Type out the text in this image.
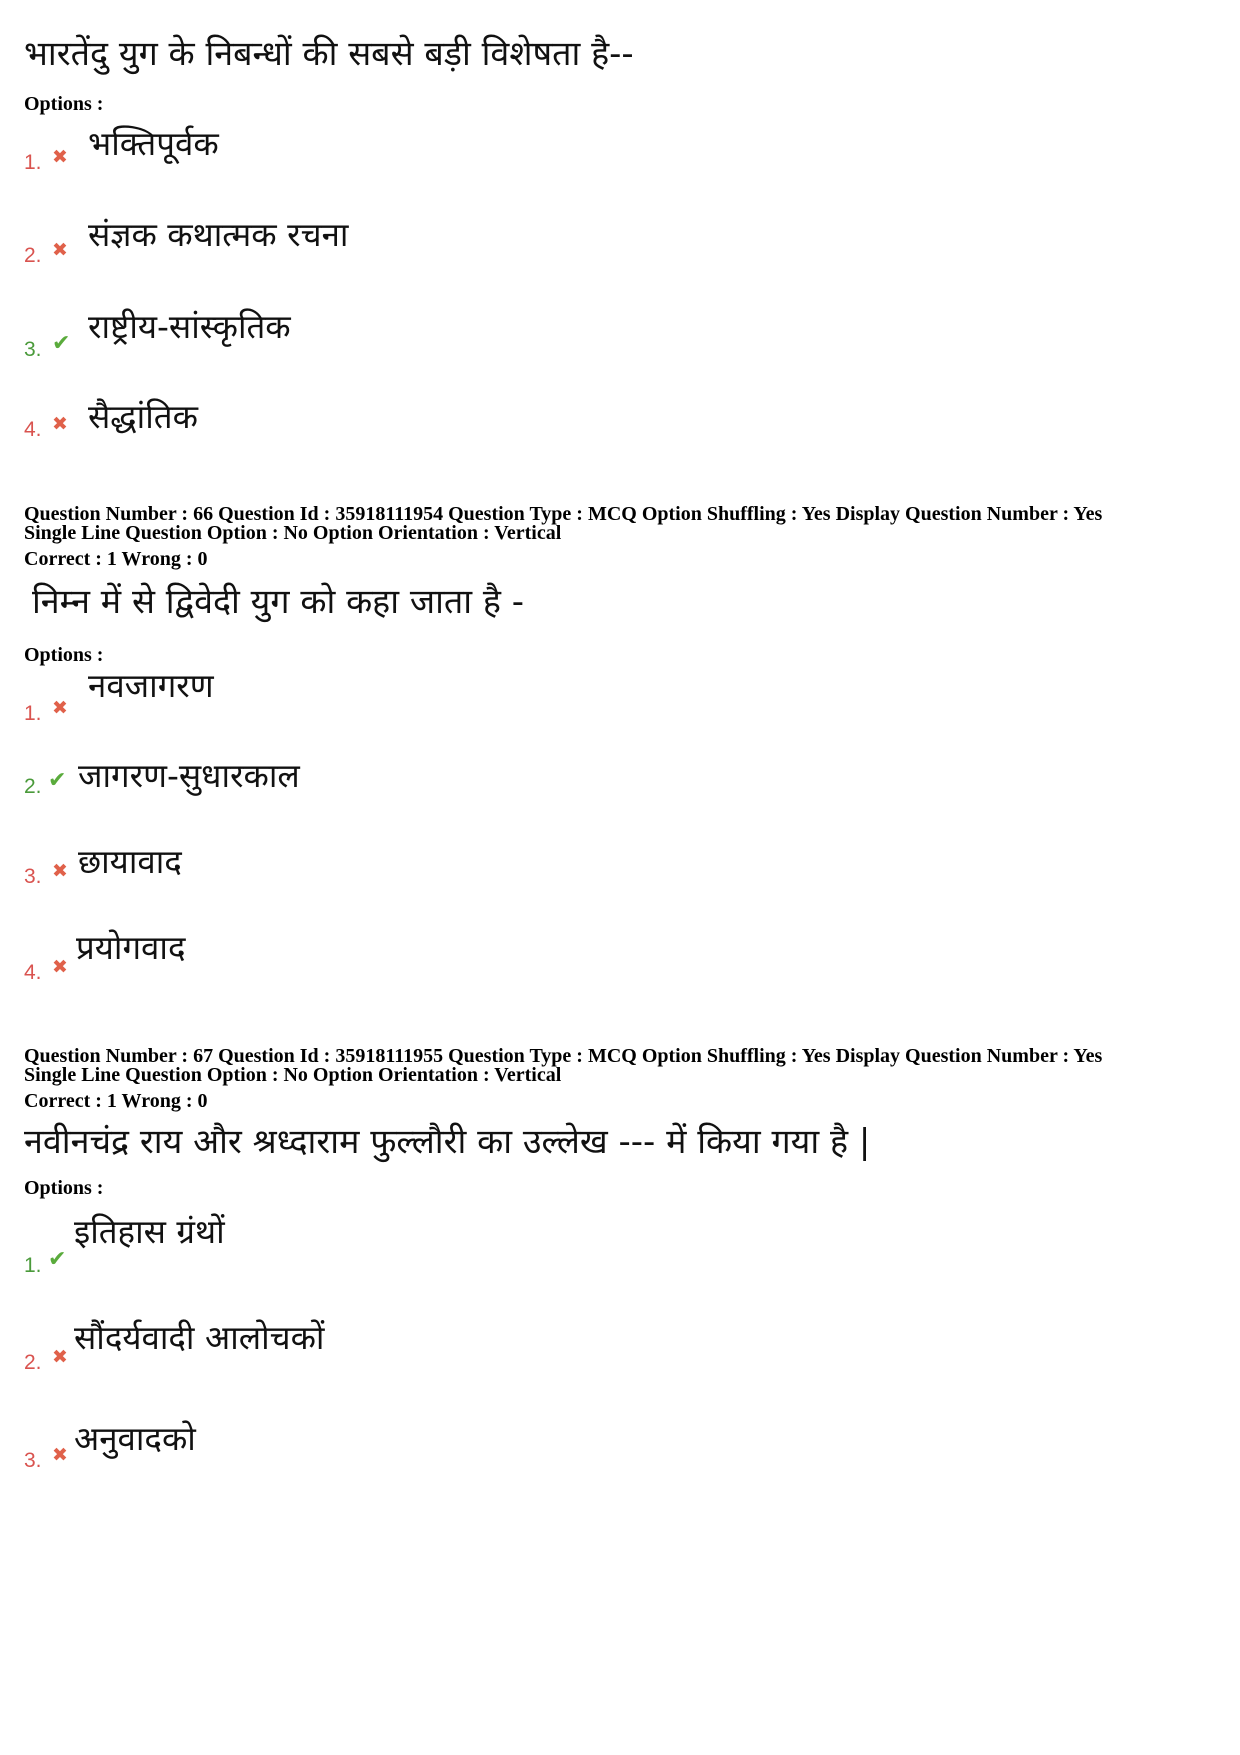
भारतेंदु युग के निबन्धों की सबसे बड़ी विशेषता है--
Options :
भक्तिपूर्वक
1. ✖
संज्ञक कथात्मक रचना
2. ✖
राष्ट्रीय-सांस्कृतिक
3. ✔
सैद्धांतिक
4. ✖
Question Number : 66 Question Id : 35918111954 Question Type : MCQ Option Shuffling : Yes Display Question Number : Yes
Single Line Question Option : No Option Orientation : Vertical
Correct : 1 Wrong : 0
निम्न में से द्विवेदी युग को कहा जाता है -
Options :
नवजागरण
1. ✖
जागरण-सुधारकाल
2. ✔
छायावाद
3. ✖
प्रयोगवाद
4. ✖
Question Number : 67 Question Id : 35918111955 Question Type : MCQ Option Shuffling : Yes Display Question Number : Yes
Single Line Question Option : No Option Orientation : Vertical
Correct : 1 Wrong : 0
नवीनचंद्र राय और श्रध्दाराम फुल्लौरी का उल्लेख --- में किया गया है |
Options :
इतिहास ग्रंथों
1. ✔
सौंदर्यवादी आलोचकों
2. ✖
अनुवादको
3. ✖
